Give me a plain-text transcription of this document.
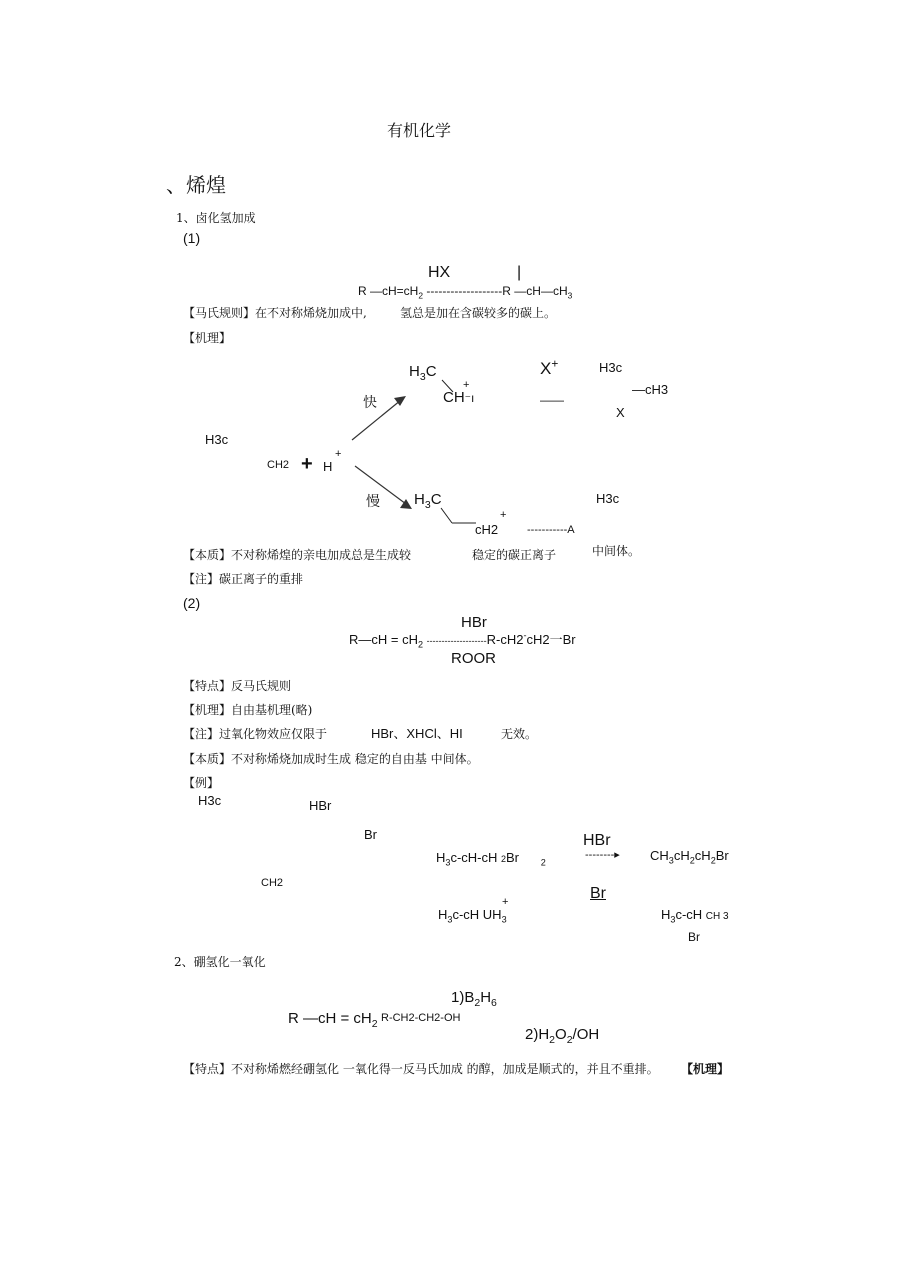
有机化学
、烯煌
1、卤化氢加成
(1)
HX	|
R $—cH=cH_2$ -------------------R $—cH—cH_3$
【马氏规则】在不对称烯烧加成中,	氢总是加在含碳较多的碳上。
【机理】
H3c
CH2 + H
+
快
慢
$H_3C$
+
CH⁻ı
X+
——
H3c
—cH3
X
$H_3C$
+
cH2	-----------A
H3c
【本质】不对称烯煌的亲电加成总是生成较	稳定的碳正离子	中间体。
【注】碳正离子的重排
(2)
HBr
R—cH = $cH_2$ --------------------R-cH2-cH2一Br
ROOR
【特点】反马氏规则
【机理】自由基机理(略)
【注】过氧化物效应仅限于	HBr、XHCl、HI	无效。
【本质】不对称烯烧加成时生成 稳定的自由基 中间体。
【例】
H3c	HBr
Br
CH2
$H_3c-cH-cH$ 2Br $_2$
HBr
--------▸ $CH_3cH_2cH_2Br$
Br
+
$H_3c-cH$ $UH_3$	$H_3c-cH$ CH 3
Br
2、硼氢化一氧化
$1)B_2H_6$
R —cH = $cH_2$ R-CH2-CH2-OH
$2)H_2O_2/OH$
【特点】不对称烯燃经硼氢化 一氧化得一反马氏加成 的醇，加成是顺式的，并且不重排。 【机理】
